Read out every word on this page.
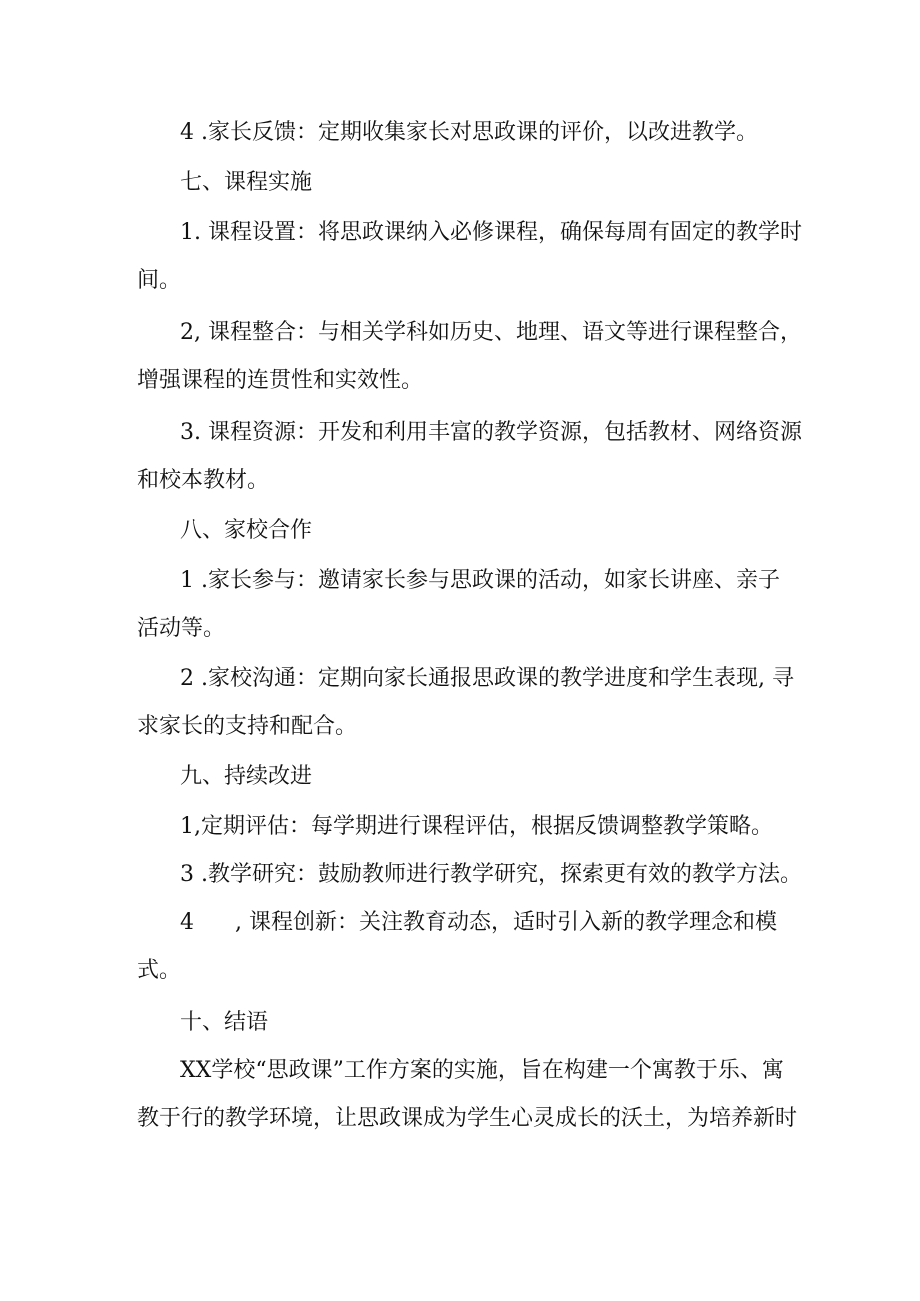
4 .家长反馈：定期收集家长对思政课的评价，以改进教学。
七、课程实施
1. 课程设置：将思政课纳入必修课程，确保每周有固定的教学时
间。
2, 课程整合：与相关学科如历史、地理、语文等进行课程整合，
增强课程的连贯性和实效性。
3. 课程资源：开发和利用丰富的教学资源，包括教材、网络资源
和校本教材。
八、家校合作
1 .家长参与：邀请家长参与思政课的活动，如家长讲座、亲子
活动等。
2 .家校沟通：定期向家长通报思政课的教学进度和学生表现, 寻
求家长的支持和配合。
九、持续改进
1,定期评估：每学期进行课程评估，根据反馈调整教学策略。
3 .教学研究：鼓励教师进行教学研究，探索更有效的教学方法。
4 , 课程创新：关注教育动态，适时引入新的教学理念和模
式。
十、结语
XX学校“思政课”工作方案的实施，旨在构建一个寓教于乐、寓
教于行的教学环境，让思政课成为学生心灵成长的沃土，为培养新时
